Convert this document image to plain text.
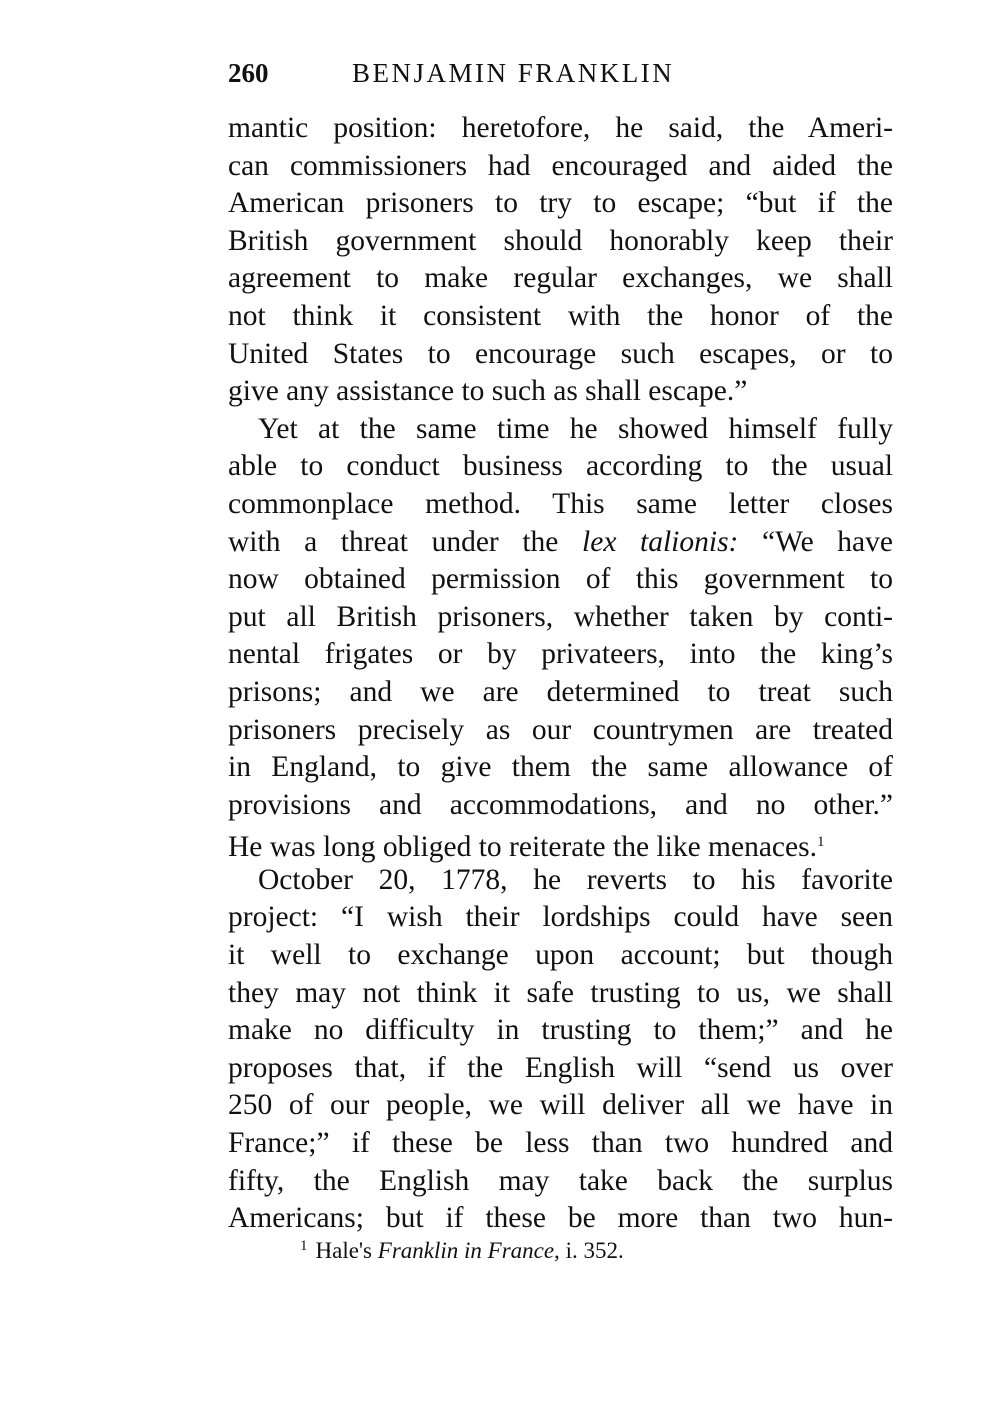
260	BENJAMIN FRANKLIN
mantic position: heretofore, he said, the Ameri-
can commissioners had encouraged and aided the
American prisoners to try to escape; “but if the
British government should honorably keep their
agreement to make regular exchanges, we shall
not think it consistent with the honor of the
United States to encourage such escapes, or to
give any assistance to such as shall escape.”
Yet at the same time he showed himself fully
able to conduct business according to the usual
commonplace method. This same letter closes
with a threat under the lex talionis: “We have
now obtained permission of this government to
put all British prisoners, whether taken by conti-
nental frigates or by privateers, into the king’s
prisons; and we are determined to treat such
prisoners precisely as our countrymen are treated
in England, to give them the same allowance of
provisions and accommodations, and no other.”
He was long obliged to reiterate the like menaces.$^1$
October 20, 1778, he reverts to his favorite
project: “I wish their lordships could have seen
it well to exchange upon account; but though
they may not think it safe trusting to us, we shall
make no difficulty in trusting to them;” and he
proposes that, if the English will “send us over
250 of our people, we will deliver all we have in
France;” if these be less than two hundred and
fifty, the English may take back the surplus
Americans; but if these be more than two hun-
$^1$ Hale's Franklin in France, i. 352.
